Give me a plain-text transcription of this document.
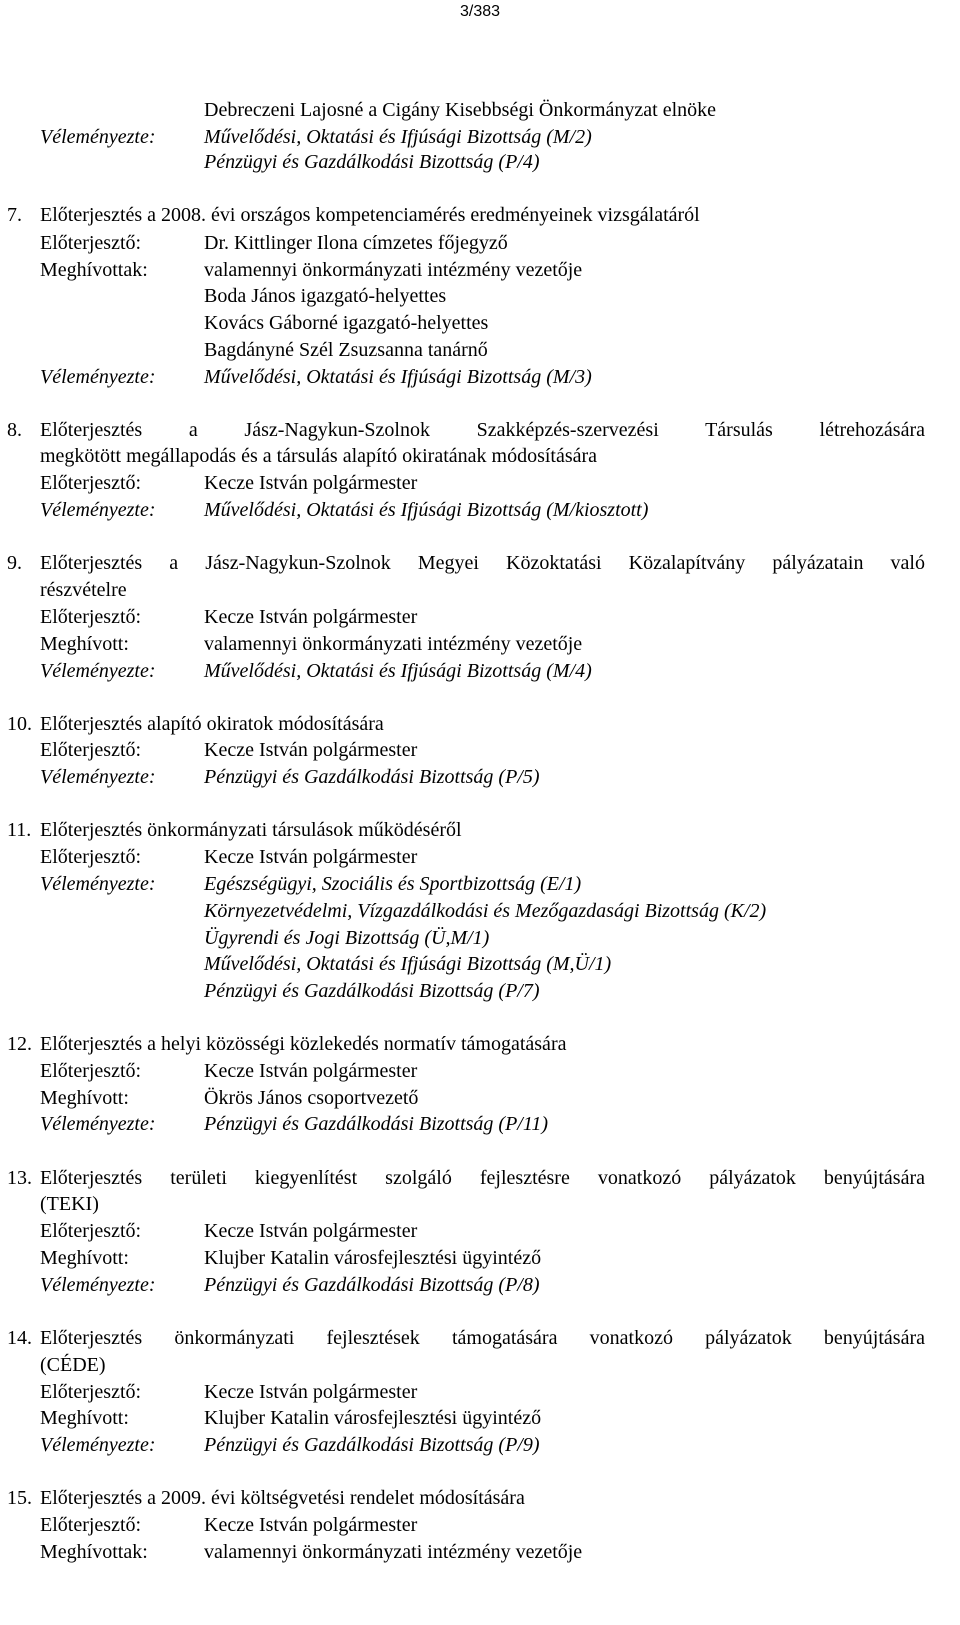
3/383
Debreczeni Lajosné a Cigány Kisebbségi Önkormányzat elnöke
Véleményezte: Művelődési, Oktatási és Ifjúsági Bizottság (M/2)
Pénzügyi és Gazdálkodási Bizottság (P/4)
7. Előterjesztés a 2008. évi országos kompetenciamérés eredményeinek vizsgálatáról
Előterjesztő:	Dr. Kittlinger Ilona címzetes főjegyző
Meghívottak:	valamennyi önkormányzati intézmény vezetője
Boda János igazgató-helyettes
Kovács Gáborné igazgató-helyettes
Bagdányné Szél Zsuzsanna tanárnő
Véleményezte: Művelődési, Oktatási és Ifjúsági Bizottság (M/3)
8. Előterjesztés a Jász-Nagykun-Szolnok Szakképzés-szervezési Társulás létrehozására
megkötött megállapodás és a társulás alapító okiratának módosítására
Előterjesztő:	Kecze István polgármester
Véleményezte: Művelődési, Oktatási és Ifjúsági Bizottság (M/kiosztott)
9. Előterjesztés a Jász-Nagykun-Szolnok Megyei Közoktatási Közalapítvány pályázatain való
részvételre
Előterjesztő:	Kecze István polgármester
Meghívott:	valamennyi önkormányzati intézmény vezetője
Véleményezte: Művelődési, Oktatási és Ifjúsági Bizottság (M/4)
10. Előterjesztés alapító okiratok módosítására
Előterjesztő:	Kecze István polgármester
Véleményezte: Pénzügyi és Gazdálkodási Bizottság (P/5)
11. Előterjesztés önkormányzati társulások működéséről
Előterjesztő:	Kecze István polgármester
Véleményezte: Egészségügyi, Szociális és Sportbizottság (E/1)
Környezetvédelmi, Vízgazdálkodási és Mezőgazdasági Bizottság (K/2)
Ügyrendi és Jogi Bizottság (Ü,M/1)
Művelődési, Oktatási és Ifjúsági Bizottság (M,Ü/1)
Pénzügyi és Gazdálkodási Bizottság (P/7)
12. Előterjesztés a helyi közösségi közlekedés normatív támogatására
Előterjesztő:	Kecze István polgármester
Meghívott:	Ökrös János csoportvezető
Véleményezte: Pénzügyi és Gazdálkodási Bizottság (P/11)
13. Előterjesztés területi kiegyenlítést szolgáló fejlesztésre vonatkozó pályázatok benyújtására
(TEKI)
Előterjesztő:	Kecze István polgármester
Meghívott:	Klujber Katalin városfejlesztési ügyintéző
Véleményezte: Pénzügyi és Gazdálkodási Bizottság (P/8)
14. Előterjesztés önkormányzati fejlesztések támogatására vonatkozó pályázatok benyújtására
(CÉDE)
Előterjesztő:	Kecze István polgármester
Meghívott:	Klujber Katalin városfejlesztési ügyintéző
Véleményezte: Pénzügyi és Gazdálkodási Bizottság (P/9)
15. Előterjesztés a 2009. évi költségvetési rendelet módosítására
Előterjesztő:	Kecze István polgármester
Meghívottak:	valamennyi önkormányzati intézmény vezetője
